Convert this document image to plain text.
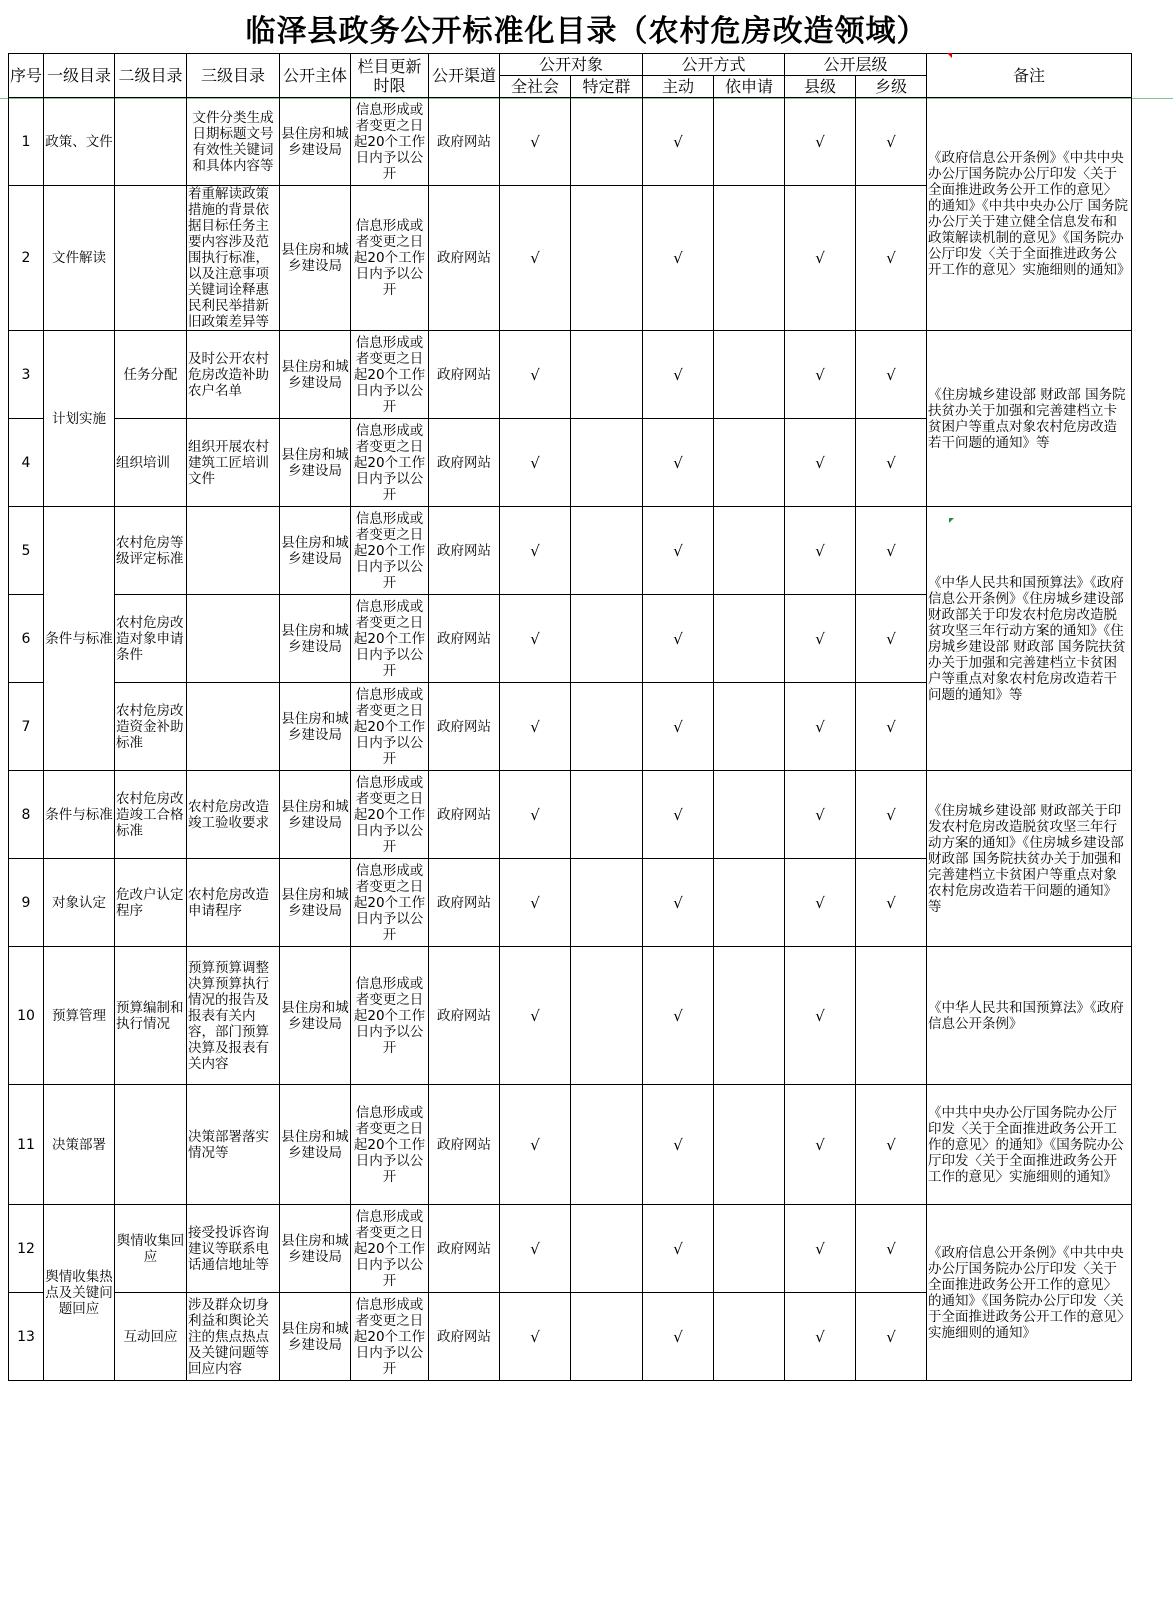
临泽县政务公开标准化目录（农村危房改造领域）
序号	一级目录	二级目录	三级目录	公开主体	栏目更新时限	公开渠道	公开对象		公开方式		公开层级		备注
							全社会	特定群	主动	依申请	县级	乡级	
1	政策、文件		文件分类生成日期标题文号有效性关键词和具体内容等	县住房和城乡建设局	信息形成或者变更之日起20个工作日内予以公开	政府网站	√		√		√	√	《政府信息公开条例》《中共中央办公厅国务院办公厅印发〈关于全面推进政务公开工作的意见〉的通知》《中共中央办公厅 国务院办公厅关于建立健全信息发布和政策解读机制的意见》《国务院办公厅印发〈关于全面推进政务公开工作的意见〉实施细则的通知》
2	文件解读		着重解读政策措施的背景依据目标任务主要内容涉及范围执行标准，以及注意事项关键词诠释惠民利民举措新旧政策差异等	县住房和城乡建设局	信息形成或者变更之日起20个工作日内予以公开	政府网站	√		√		√	√	
3	计划实施	任务分配	及时公开农村危房改造补助农户名单	县住房和城乡建设局	信息形成或者变更之日起20个工作日内予以公开	政府网站	√		√		√	√	《住房城乡建设部 财政部 国务院扶贫办关于加强和完善建档立卡贫困户等重点对象农村危房改造若干问题的通知》等
4		组织培训	组织开展农村建筑工匠培训文件	县住房和城乡建设局	信息形成或者变更之日起20个工作日内予以公开	政府网站	√		√		√	√	
5	条件与标准	农村危房等级评定标准		县住房和城乡建设局	信息形成或者变更之日起20个工作日内予以公开	政府网站	√		√		√	√	《中华人民共和国预算法》《政府信息公开条例》《住房城乡建设部 财政部关于印发农村危房改造脱贫攻坚三年行动方案的通知》《住房城乡建设部 财政部 国务院扶贫办关于加强和完善建档立卡贫困户等重点对象农村危房改造若干问题的通知》等
6		农村危房改造对象申请条件		县住房和城乡建设局	信息形成或者变更之日起20个工作日内予以公开	政府网站	√		√		√	√	
7		农村危房改造资金补助标准		县住房和城乡建设局	信息形成或者变更之日起20个工作日内予以公开	政府网站	√		√		√	√	
8	条件与标准	农村危房改造竣工合格标准	农村危房改造竣工验收要求	县住房和城乡建设局	信息形成或者变更之日起20个工作日内予以公开	政府网站	√		√		√	√	《住房城乡建设部 财政部关于印发农村危房改造脱贫攻坚三年行动方案的通知》《住房城乡建设部 财政部 国务院扶贫办关于加强和完善建档立卡贫困户等重点对象农村危房改造若干问题的通知》等
9	对象认定	危改户认定程序	农村危房改造申请程序	县住房和城乡建设局	信息形成或者变更之日起20个工作日内予以公开	政府网站	√		√		√	√	
10	预算管理	预算编制和执行情况	预算预算调整决算预算执行情况的报告及报表有关内容，部门预算决算及报表有关内容	县住房和城乡建设局	信息形成或者变更之日起20个工作日内予以公开	政府网站	√		√		√		《中华人民共和国预算法》《政府信息公开条例》
11	决策部署		决策部署落实情况等	县住房和城乡建设局	信息形成或者变更之日起20个工作日内予以公开	政府网站	√		√		√	√	《中共中央办公厅国务院办公厅印发〈关于全面推进政务公开工作的意见〉的通知》《国务院办公厅印发〈关于全面推进政务公开工作的意见〉实施细则的通知》
12	舆情收集热点及关键问题回应	舆情收集回应	接受投诉咨询建议等联系电话通信地址等	县住房和城乡建设局	信息形成或者变更之日起20个工作日内予以公开	政府网站	√		√		√	√	《政府信息公开条例》《中共中央办公厅国务院办公厅印发〈关于全面推进政务公开工作的意见〉的通知》《国务院办公厅印发〈关于全面推进政务公开工作的意见〉实施细则的通知》
13		互动回应	涉及群众切身利益和舆论关注的焦点热点及关键问题等回应内容	县住房和城乡建设局	信息形成或者变更之日起20个工作日内予以公开	政府网站	√		√		√	√	
